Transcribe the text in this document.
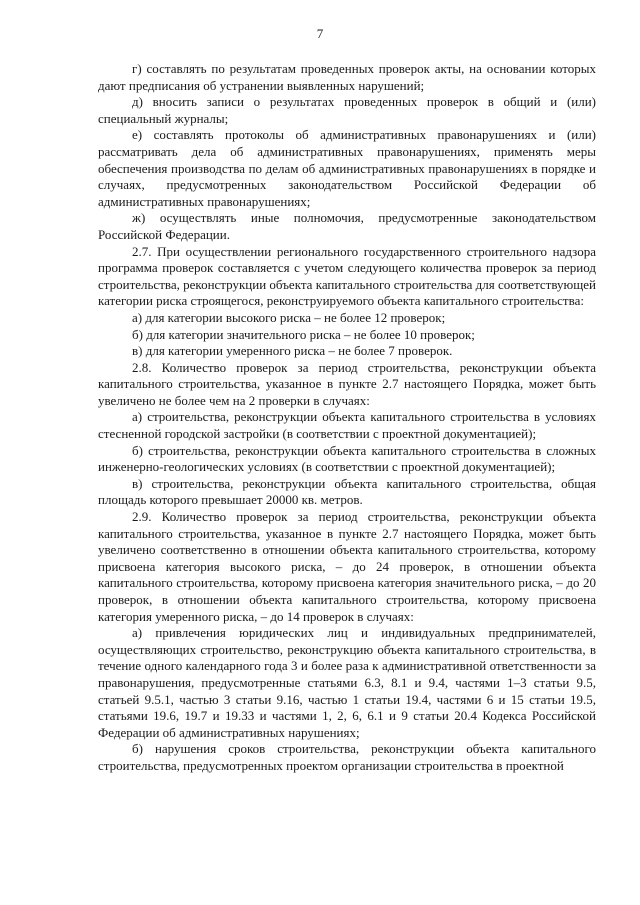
7

г) составлять по результатам проведенных проверок акты, на основании которых дают предписания об устранении выявленных нарушений;

д) вносить записи о результатах проведенных проверок в общий и (или) специальный журналы;

е) составлять протоколы об административных правонарушениях и (или) рассматривать дела об административных правонарушениях, применять меры обеспечения производства по делам об административных правонарушениях в порядке и случаях, предусмотренных законодательством Российской Федерации об административных правонарушениях;

ж) осуществлять иные полномочия, предусмотренные законодательством Российской Федерации.

2.7. При осуществлении регионального государственного строительного надзора программа проверок составляется с учетом следующего количества проверок за период строительства, реконструкции объекта капитального строительства для соответствующей категории риска строящегося, реконструируемого объекта капитального строительства:

а) для категории высокого риска – не более 12 проверок;

б) для категории значительного риска – не более 10 проверок;

в) для категории умеренного риска – не более 7 проверок.

2.8. Количество проверок за период строительства, реконструкции объекта капитального строительства, указанное в пункте 2.7 настоящего Порядка, может быть увеличено не более чем на 2 проверки в случаях:

а) строительства, реконструкции объекта капитального строительства в условиях стесненной городской застройки (в соответствии с проектной документацией);

б) строительства, реконструкции объекта капитального строительства в сложных инженерно-геологических условиях (в соответствии с проектной документацией);

в) строительства, реконструкции объекта капитального строительства, общая площадь которого превышает 20000 кв. метров.

2.9. Количество проверок за период строительства, реконструкции объекта капитального строительства, указанное в пункте 2.7 настоящего Порядка, может быть увеличено соответственно в отношении объекта капитального строительства, которому присвоена категория высокого риска, – до 24 проверок, в отношении объекта капитального строительства, которому присвоена категория значительного риска, – до 20 проверок, в отношении объекта капитального строительства, которому присвоена категория умеренного риска, – до 14 проверок в случаях:

а) привлечения юридических лиц и индивидуальных предпринимателей, осуществляющих строительство, реконструкцию объекта капитального строительства, в течение одного календарного года 3 и более раза к административной ответственности за правонарушения, предусмотренные статьями 6.3, 8.1 и 9.4, частями 1–3 статьи 9.5, статьей 9.5.1, частью 3 статьи 9.16, частью 1 статьи 19.4, частями 6 и 15 статьи 19.5, статьями 19.6, 19.7 и 19.33 и частями 1, 2, 6, 6.1 и 9 статьи 20.4 Кодекса Российской Федерации об административных нарушениях;

б) нарушения сроков строительства, реконструкции объекта капитального строительства, предусмотренных проектом организации строительства в проектной
